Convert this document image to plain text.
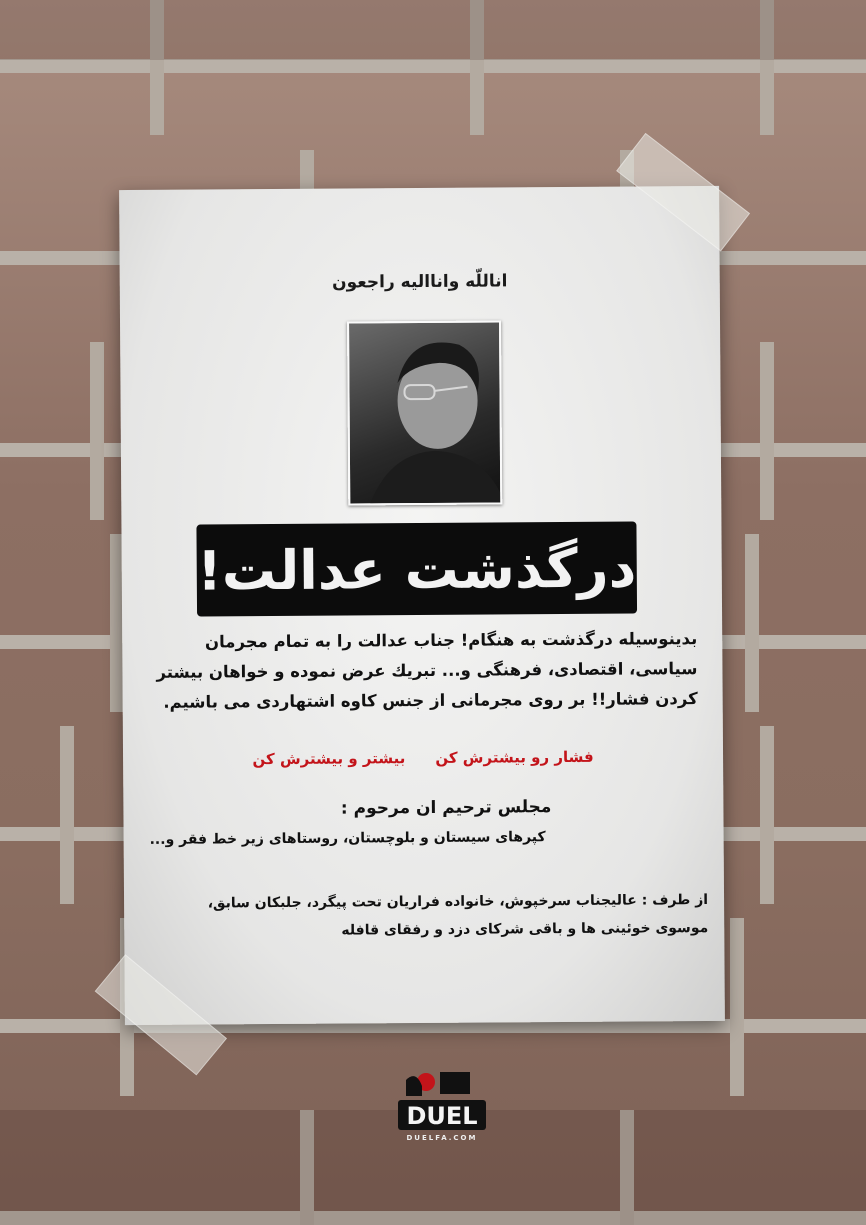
اناللّه وانااليه راجعون
درگذشت عدالت!
بدينوسيله درگذشت به هنگام! جناب عدالت را به تمام مجرمان
سياسى، اقتصادى، فرهنگى و... تبريك عرض نموده و خواهان بيشتر
كردن فشار!! بر روى مجرمانى از جنس كاوه اشتهاردى مى باشيم.
فشار رو بيشترش كن
بيشتر و بيشترش كن
مجلس ترحيم ان مرحوم :
كپرهاى سيستان و بلوچستان، روستاهاى زير خط فقر و...
از طرف : عاليجناب سرخپوش، خانواده فراريان تحت پيگرد، جلبكان سابق،
موسوى خوئينى ها و باقى شركاى دزد و رفقاى قافله
DUEL
DUELFA.COM
